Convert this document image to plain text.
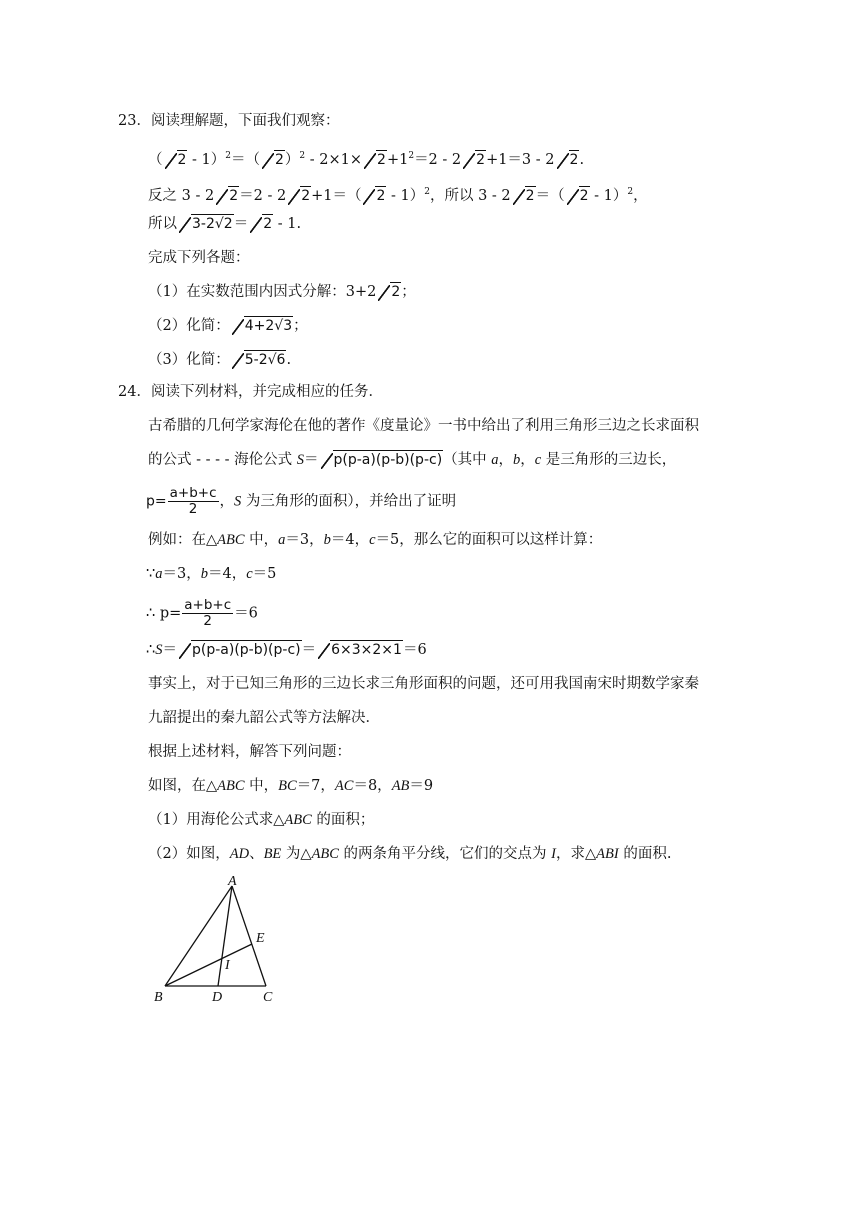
23．阅读理解题，下面我们观察：
（ 2 - 1）$^2$＝（ $2)^2 - 2\times 1\times 2+1^2=2 - 2$ 2+1＝3 - 2 2.
反之 3 - 2 2＝2 - 2 2+1＝（ 2 - 1）$^2$，所以 3 - 2 2＝（ 2 - 1）$^2$，
所以 3-2√2＝ 2 - 1.
完成下列各题：
（1）在实数范围内因式分解：3+2 2；
（2）化简： 4+2√3；
（3）化简： 5-2√6.
24．阅读下列材料，并完成相应的任务．
古希腊的几何学家海伦在他的著作《度量论》一书中给出了利用三角形三边之长求面积
的公式 - - - - 海伦公式 S＝ p(p-a)(p-b)(p-c)（其中 a，b，c 是三角形的三边长，
$p= \frac{a+b+c}{2}$ ，S 为三角形的面积），并给出了证明
例如：在△ABC 中，a＝3，b＝4，c＝5，那么它的面积可以这样计算：
∵a＝3，b＝4，c＝5
∴ $p= \frac{a+b+c}{2} =6$
∴S＝ p(p-a)(p-b)(p-c)＝ 6×3×2×1＝6
事实上，对于已知三角形的三边长求三角形面积的问题，还可用我国南宋时期数学家秦
九韶提出的秦九韶公式等方法解决．
根据上述材料，解答下列问题：
如图，在△ABC 中，BC＝7，AC＝8，AB＝9
（1）用海伦公式求△ABC 的面积；
（2）如图，AD、BE 为△ABC 的两条角平分线，它们的交点为 I，求△ABI 的面积.
A
B	C
D
E
I
